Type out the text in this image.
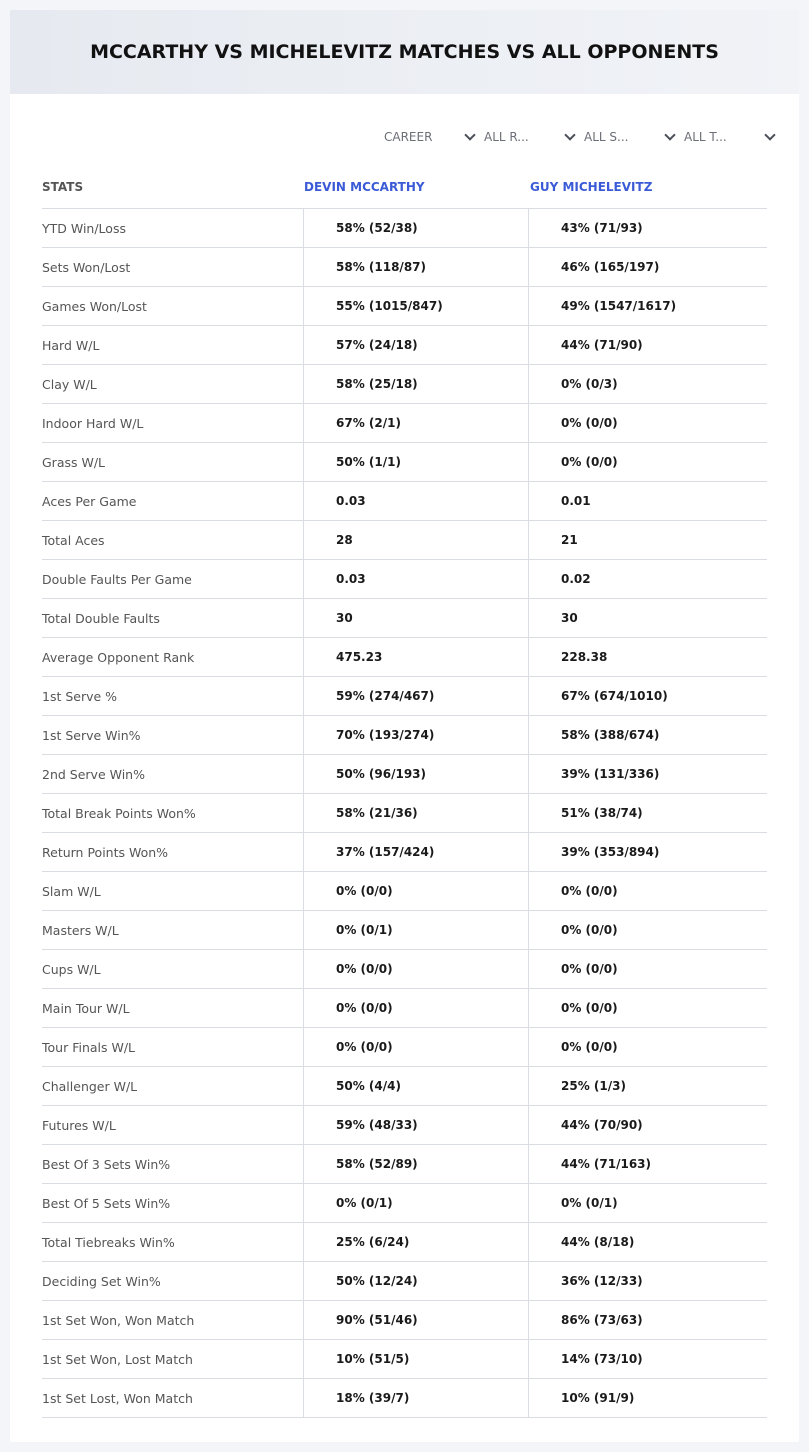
MCCARTHY VS MICHELEVITZ MATCHES VS ALL OPPONENTS
CAREER	ALL R...	ALL S...	ALL T...
STATS	DEVIN MCCARTHY	GUY MICHELEVITZ
YTD Win/Loss	58% (52/38)	43% (71/93)
Sets Won/Lost	58% (118/87)	46% (165/197)
Games Won/Lost	55% (1015/847)	49% (1547/1617)
Hard W/L	57% (24/18)	44% (71/90)
Clay W/L	58% (25/18)	0% (0/3)
Indoor Hard W/L	67% (2/1)	0% (0/0)
Grass W/L	50% (1/1)	0% (0/0)
Aces Per Game	0.03	0.01
Total Aces	28	21
Double Faults Per Game	0.03	0.02
Total Double Faults	30	30
Average Opponent Rank	475.23	228.38
1st Serve %	59% (274/467)	67% (674/1010)
1st Serve Win%	70% (193/274)	58% (388/674)
2nd Serve Win%	50% (96/193)	39% (131/336)
Total Break Points Won%	58% (21/36)	51% (38/74)
Return Points Won%	37% (157/424)	39% (353/894)
Slam W/L	0% (0/0)	0% (0/0)
Masters W/L	0% (0/1)	0% (0/0)
Cups W/L	0% (0/0)	0% (0/0)
Main Tour W/L	0% (0/0)	0% (0/0)
Tour Finals W/L	0% (0/0)	0% (0/0)
Challenger W/L	50% (4/4)	25% (1/3)
Futures W/L	59% (48/33)	44% (70/90)
Best Of 3 Sets Win%	58% (52/89)	44% (71/163)
Best Of 5 Sets Win%	0% (0/1)	0% (0/1)
Total Tiebreaks Win%	25% (6/24)	44% (8/18)
Deciding Set Win%	50% (12/24)	36% (12/33)
1st Set Won, Won Match	90% (51/46)	86% (73/63)
1st Set Won, Lost Match	10% (51/5)	14% (73/10)
1st Set Lost, Won Match	18% (39/7)	10% (91/9)
